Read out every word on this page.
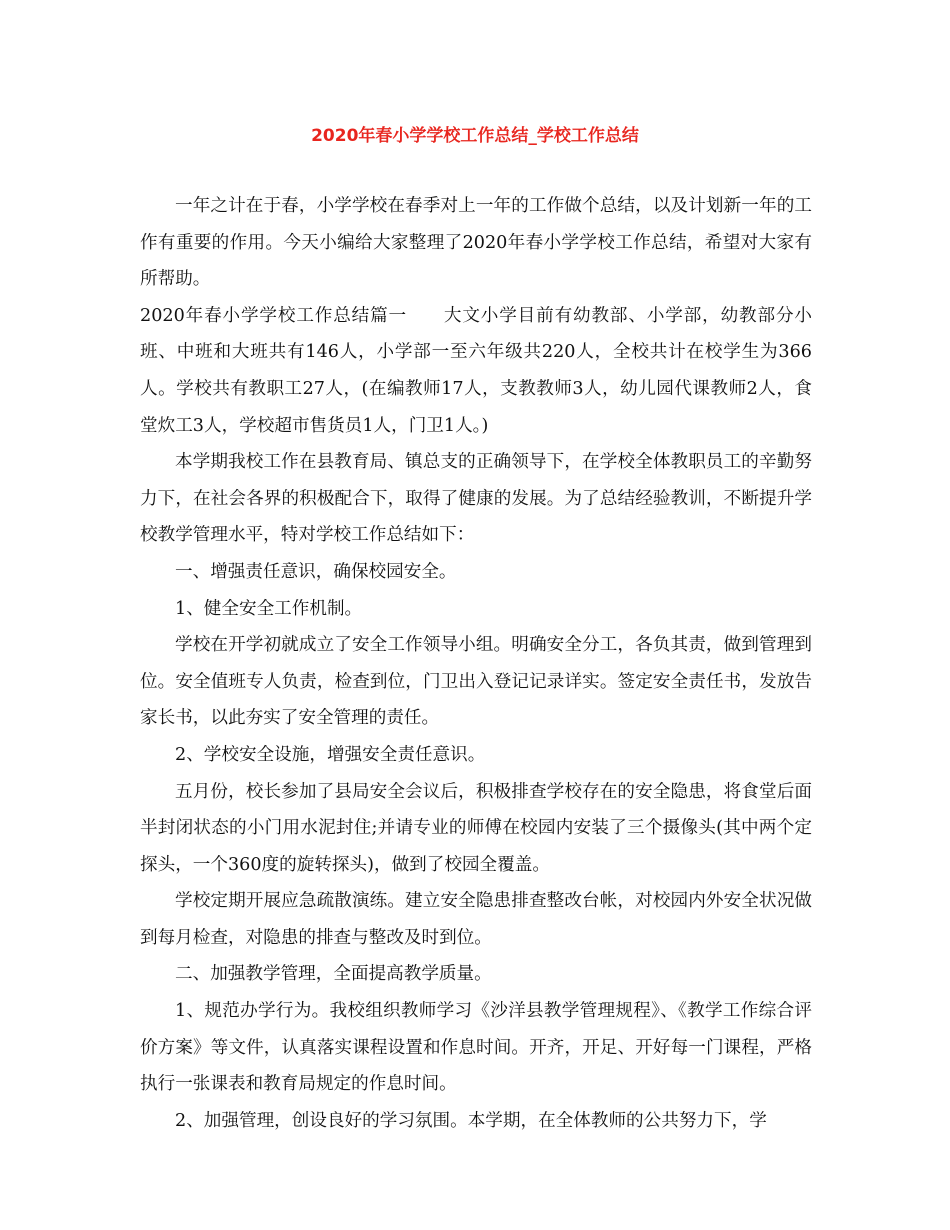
2020年春小学学校工作总结_学校工作总结

一年之计在于春，小学学校在春季对上一年的工作做个总结，以及计划新一年的工作有重要的作用。今天小编给大家整理了2020年春小学学校工作总结，希望对大家有所帮助。

2020年春小学学校工作总结篇一　　大文小学目前有幼教部、小学部，幼教部分小班、中班和大班共有146人，小学部一至六年级共220人，全校共计在校学生为366人。学校共有教职工27人，(在编教师17人，支教教师3人，幼儿园代课教师2人，食堂炊工3人，学校超市售货员1人，门卫1人。)

本学期我校工作在县教育局、镇总支的正确领导下，在学校全体教职员工的辛勤努力下，在社会各界的积极配合下，取得了健康的发展。为了总结经验教训，不断提升学校教学管理水平，特对学校工作总结如下：

一、增强责任意识，确保校园安全。

1、健全安全工作机制。

学校在开学初就成立了安全工作领导小组。明确安全分工，各负其责，做到管理到位。安全值班专人负责，检查到位，门卫出入登记记录详实。签定安全责任书，发放告家长书，以此夯实了安全管理的责任。

2、学校安全设施，增强安全责任意识。

五月份，校长参加了县局安全会议后，积极排查学校存在的安全隐患，将食堂后面半封闭状态的小门用水泥封住;并请专业的师傅在校园内安装了三个摄像头(其中两个定探头，一个360度的旋转探头)，做到了校园全覆盖。

学校定期开展应急疏散演练。建立安全隐患排查整改台帐，对校园内外安全状况做到每月检查，对隐患的排查与整改及时到位。

二、加强教学管理，全面提高教学质量。

1、规范办学行为。我校组织教师学习《沙洋县教学管理规程》、《教学工作综合评价方案》等文件，认真落实课程设置和作息时间。开齐，开足、开好每一门课程，严格执行一张课表和教育局规定的作息时间。

2、加强管理，创设良好的学习氛围。本学期，在全体教师的公共努力下，学
